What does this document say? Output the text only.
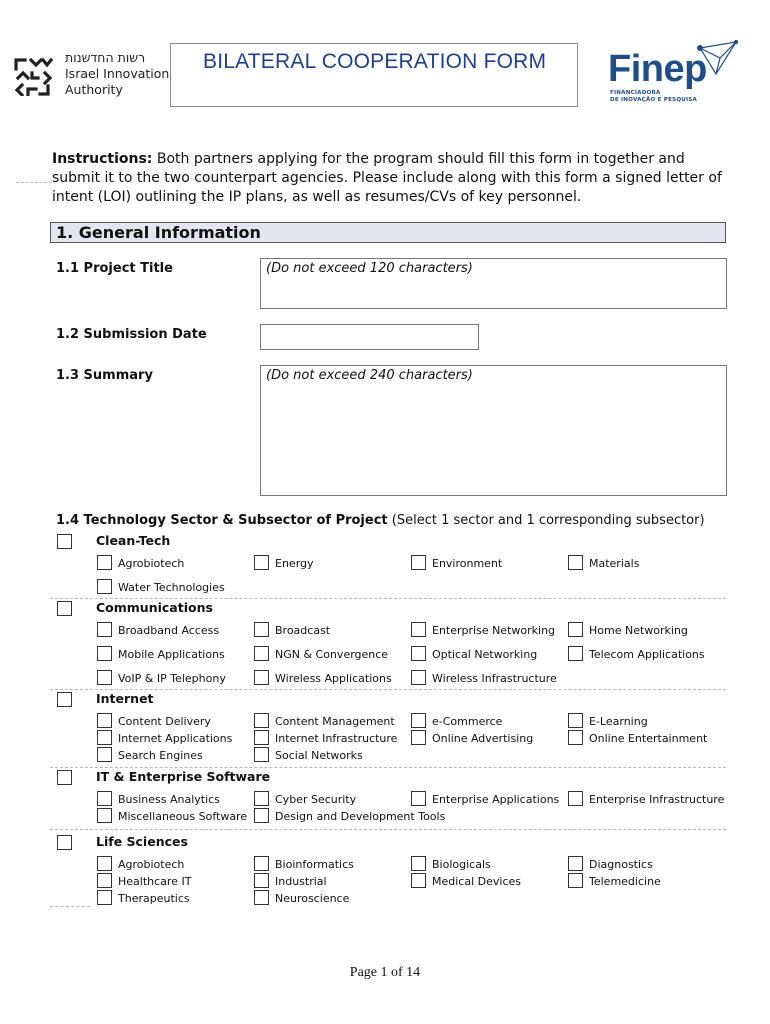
רשות החדשנות
Israel Innovation
Authority
BILATERAL COOPERATION FORM Finep
FINANCIADORA
DE INOVAÇÃO E PESQUISA
Instructions: Both partners applying for the program should fill this form in together and submit it to the two counterpart agencies. Please include along with this form a signed letter of intent (LOI) outlining the IP plans, as well as resumes/CVs of key personnel.
1. General Information
1.1 Project Title	(Do not exceed 120 characters)
1.2 Submission Date
1.3 Summary	(Do not exceed 240 characters)
1.4 Technology Sector & Subsector of Project (Select 1 sector and 1 corresponding subsector)
Clean-Tech
Agrobiotech	Energy	Environment	Materials
Water Technologies
Communications
Broadband Access	Broadcast	Enterprise Networking	Home Networking
Mobile Applications	NGN & Convergence	Optical Networking	Telecom Applications
VoIP & IP Telephony	Wireless Applications	Wireless Infrastructure
Internet
Content Delivery	Content Management	e-Commerce	E-Learning
Internet Applications	Internet Infrastructure	Online Advertising	Online Entertainment
Search Engines	Social Networks
IT & Enterprise Software
Business Analytics	Cyber Security	Enterprise Applications	Enterprise Infrastructure
Miscellaneous Software	Design and Development Tools
Life Sciences
Agrobiotech	Bioinformatics	Biologicals	Diagnostics
Healthcare IT	Industrial	Medical Devices	Telemedicine
Therapeutics	Neuroscience
Page 1 of 14
